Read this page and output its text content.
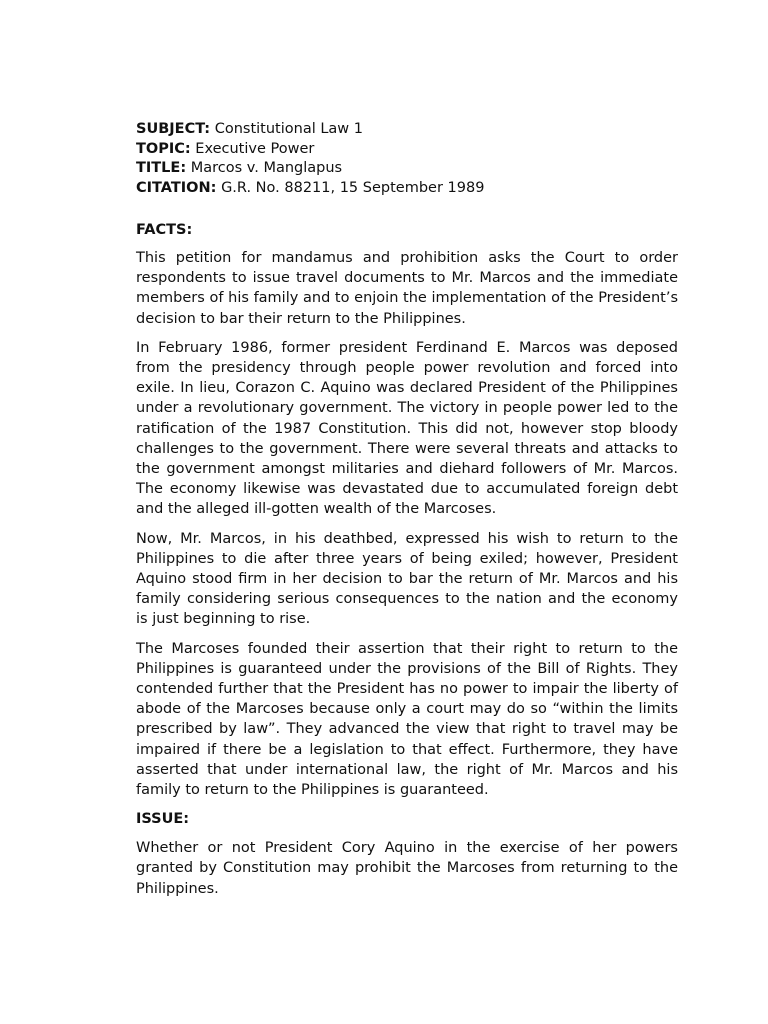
SUBJECT: Constitutional Law 1
TOPIC: Executive Power
TITLE: Marcos v. Manglapus
CITATION: G.R. No. 88211, 15 September 1989
FACTS:

This petition for mandamus and prohibition asks the Court to order respondents to issue travel documents to Mr. Marcos and the immediate members of his family and to enjoin the implementation of the President’s decision to bar their return to the Philippines.

In February 1986, former president Ferdinand E. Marcos was deposed from the presidency through people power revolution and forced into exile. In lieu, Corazon C. Aquino was declared President of the Philippines under a revolutionary government. The victory in people power led to the ratification of the 1987 Constitution. This did not, however stop bloody challenges to the government. There were several threats and attacks to the government amongst militaries and diehard followers of Mr. Marcos. The economy likewise was devastated due to accumulated foreign debt and the alleged ill-gotten wealth of the Marcoses.

Now, Mr. Marcos, in his deathbed, expressed his wish to return to the Philippines to die after three years of being exiled; however, President Aquino stood firm in her decision to bar the return of Mr. Marcos and his family considering serious consequences to the nation and the economy is just beginning to rise.

The Marcoses founded their assertion that their right to return to the Philippines is guaranteed under the provisions of the Bill of Rights. They contended further that the President has no power to impair the liberty of abode of the Marcoses because only a court may do so “within the limits prescribed by law”. They advanced the view that right to travel may be impaired if there be a legislation to that effect. Furthermore, they have asserted that under international law, the right of Mr. Marcos and his family to return to the Philippines is guaranteed.

ISSUE:

Whether or not President Cory Aquino in the exercise of her powers granted by Constitution may prohibit the Marcoses from returning to the Philippines.
